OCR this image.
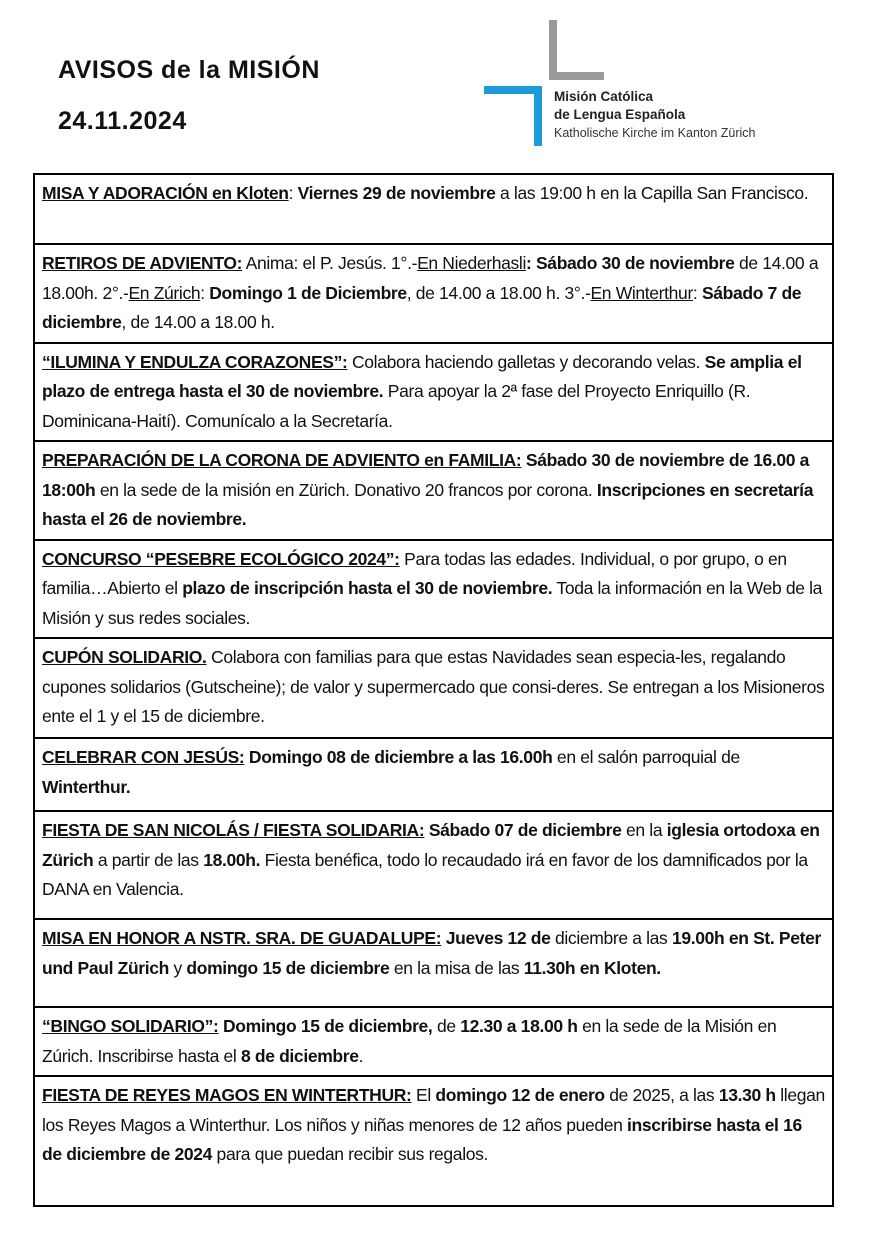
AVISOS de la MISIÓN
24.11.2024
Misión Católica
de Lengua Española
Katholische Kirche im Kanton Zürich
MISA Y ADORACIÓN en Kloten: Viernes 29 de noviembre a las 19:00 h en la Capilla San Francisco.
RETIROS DE ADVIENTO: Anima: el P. Jesús. 1°.-En Niederhasli: Sábado 30 de noviembre de 14.00 a 18.00h. 2°.-En Zúrich: Domingo 1 de Diciembre, de 14.00 a 18.00 h. 3°.-En Winterthur: Sábado 7 de diciembre, de 14.00 a 18.00 h.
“ILUMINA Y ENDULZA CORAZONES”: Colabora haciendo galletas y decorando velas. Se amplia el plazo de entrega hasta el 30 de noviembre. Para apoyar la 2ª fase del Proyecto Enriquillo (R. Dominicana-Haití). Comunícalo a la Secretaría.
PREPARACIÓN DE LA CORONA DE ADVIENTO en FAMILIA: Sábado 30 de noviembre de 16.00 a 18:00h en la sede de la misión en Zürich. Donativo 20 francos por corona. Inscripciones en secretaría hasta el 26 de noviembre.
CONCURSO “PESEBRE ECOLÓGICO 2024”: Para todas las edades. Individual, o por grupo, o en familia…Abierto el plazo de inscripción hasta el 30 de noviembre. Toda la información en la Web de la Misión y sus redes sociales.
CUPÓN SOLIDARIO. Colabora con familias para que estas Navidades sean especia-les, regalando cupones solidarios (Gutscheine); de valor y supermercado que consi-deres. Se entregan a los Misioneros ente el 1 y el 15 de diciembre.
CELEBRAR CON JESÚS: Domingo 08 de diciembre a las 16.00h en el salón parroquial de Winterthur.
FIESTA DE SAN NICOLÁS / FIESTA SOLIDARIA: Sábado 07 de diciembre en la iglesia ortodoxa en Zürich a partir de las 18.00h. Fiesta benéfica, todo lo recaudado irá en favor de los damnificados por la DANA en Valencia.
MISA EN HONOR A NSTR. SRA. DE GUADALUPE: Jueves 12 de diciembre a las 19.00h en St. Peter und Paul Zürich y domingo 15 de diciembre en la misa de las 11.30h en Kloten.
“BINGO SOLIDARIO”: Domingo 15 de diciembre, de 12.30 a 18.00 h en la sede de la Misión en Zúrich. Inscribirse hasta el 8 de diciembre.
FIESTA DE REYES MAGOS EN WINTERTHUR: El domingo 12 de enero de 2025, a las 13.30 h llegan los Reyes Magos a Winterthur. Los niños y niñas menores de 12 años pueden inscribirse hasta el 16 de diciembre de 2024 para que puedan recibir sus regalos.
